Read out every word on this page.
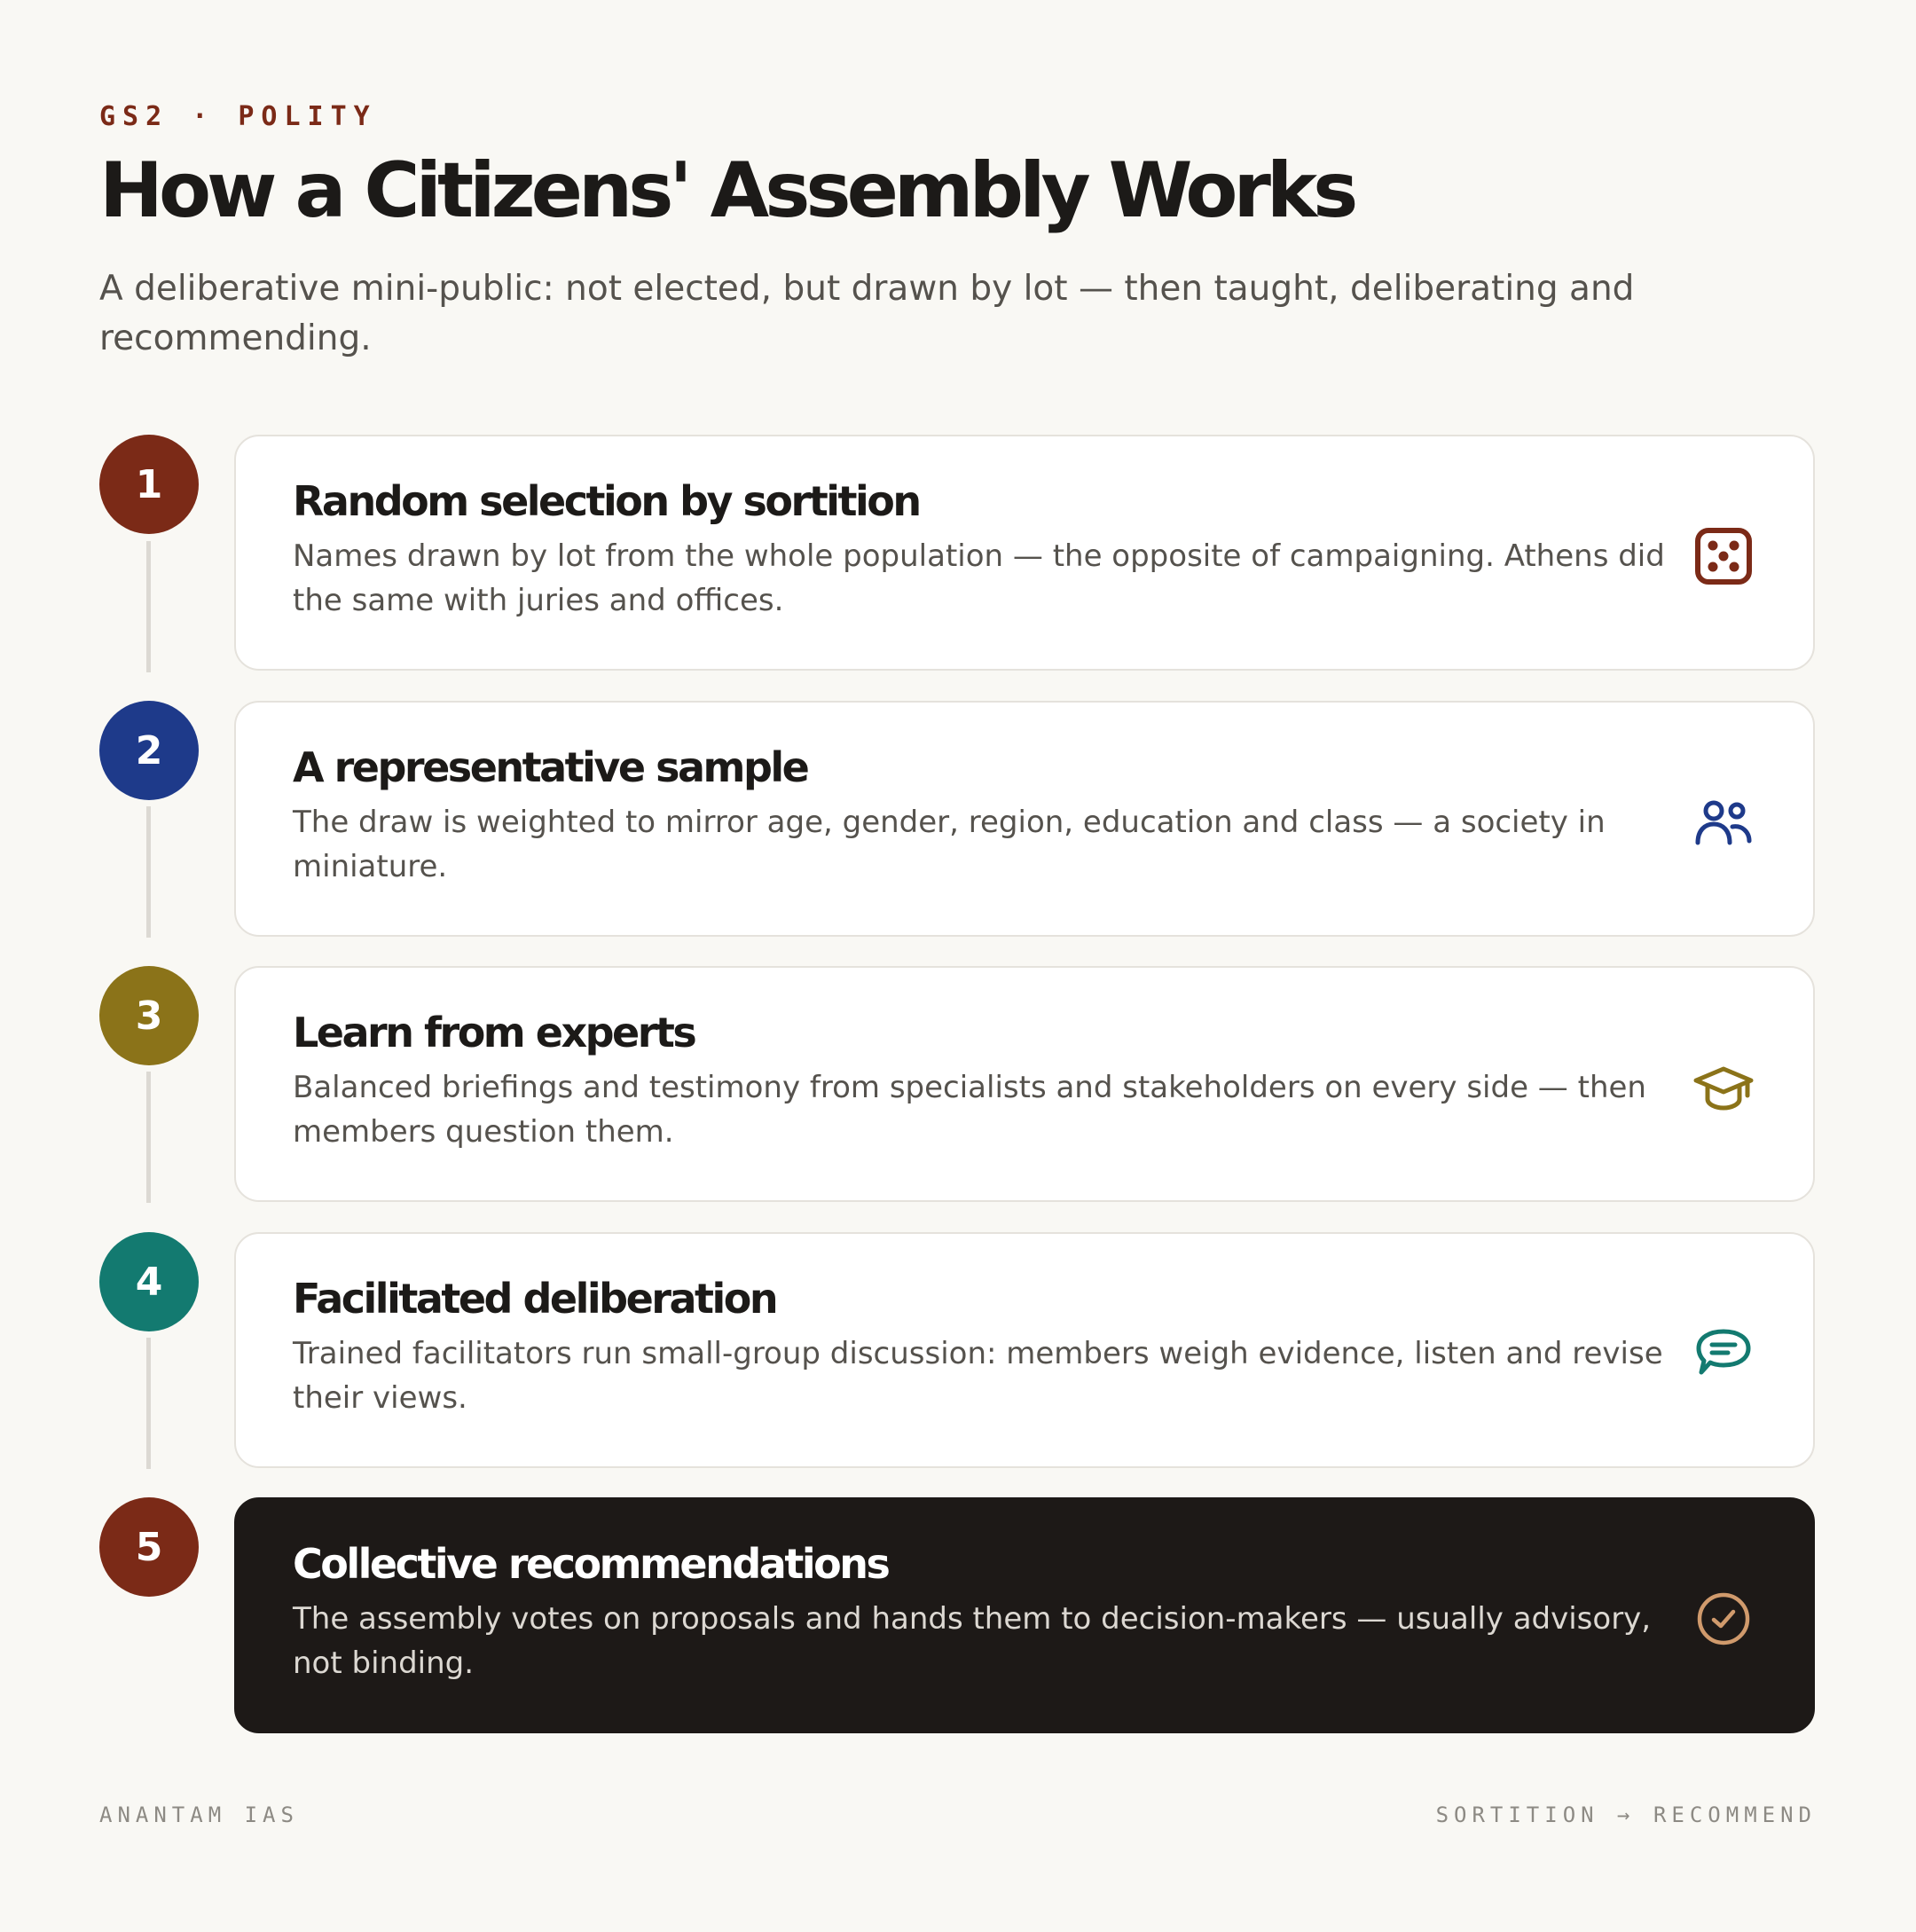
GS2 · POLITY
How a Citizens' Assembly Works

A deliberative mini-public: not elected, but drawn by lot — then taught, deliberating and recommending.

1	Random selection by sortition

Names drawn by lot from the whole population — the opposite of campaigning. Athens did the same with juries and offices.

2	A representative sample

The draw is weighted to mirror age, gender, region, education and class — a society in miniature.

3	Learn from experts

Balanced briefings and testimony from specialists and stakeholders on every side — then members question them.

4	Facilitated deliberation

Trained facilitators run small-group discussion: members weigh evidence, listen and revise their views.

5	Collective recommendations

The assembly votes on proposals and hands them to decision-makers — usually advisory, not binding.

ANANTAM IAS	SORTITION → RECOMMEND
